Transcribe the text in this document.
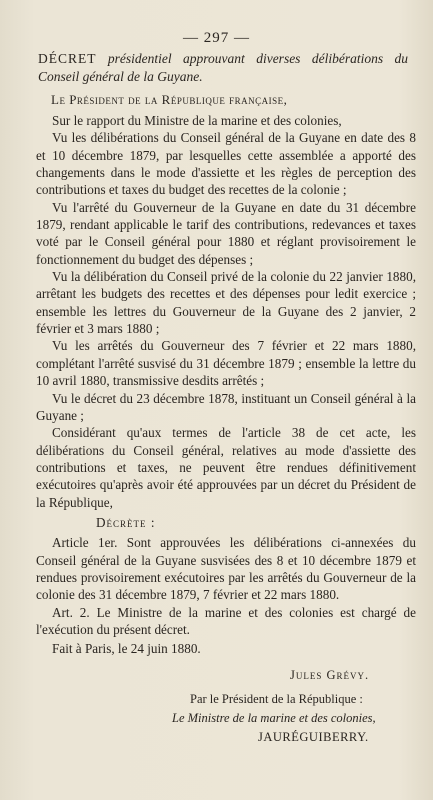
— 297 —
DÉCRET présidentiel approuvant diverses délibérations du Conseil général de la Guyane.
Le Président de la République française,

Sur le rapport du Ministre de la marine et des colonies,

Vu les délibérations du Conseil général de la Guyane en date des 8 et 10 décembre 1879, par lesquelles cette assemblée a apporté des changements dans le mode d'assiette et les règles de perception des contributions et taxes du budget des recettes de la colonie ;

Vu l'arrêté du Gouverneur de la Guyane en date du 31 décembre 1879, rendant applicable le tarif des contributions, redevances et taxes voté par le Conseil général pour 1880 et réglant provisoirement le fonctionnement du budget des dépenses ;

Vu la délibération du Conseil privé de la colonie du 22 janvier 1880, arrêtant les budgets des recettes et des dépenses pour ledit exercice ; ensemble les lettres du Gouverneur de la Guyane des 2 janvier, 2 février et 3 mars 1880 ;

Vu les arrêtés du Gouverneur des 7 février et 22 mars 1880, complétant l'arrêté susvisé du 31 décembre 1879 ; ensemble la lettre du 10 avril 1880, transmissive desdits arrêtés ;

Vu le décret du 23 décembre 1878, instituant un Conseil général à la Guyane ;

Considérant qu'aux termes de l'article 38 de cet acte, les délibérations du Conseil général, relatives au mode d'assiette des contributions et taxes, ne peuvent être rendues définitivement exécutoires qu'après avoir été approuvées par un décret du Président de la République,

Décrète :

Article 1er. Sont approuvées les délibérations ci-annexées du Conseil général de la Guyane susvisées des 8 et 10 décembre 1879 et rendues provisoirement exécutoires par les arrêtés du Gouverneur de la colonie des 31 décembre 1879, 7 février et 22 mars 1880.

Art. 2. Le Ministre de la marine et des colonies est chargé de l'exécution du présent décret.

Fait à Paris, le 24 juin 1880.

Jules Grévy.
Par le Président de la République :
Le Ministre de la marine et des colonies,
JAURÉGUIBERRY.
